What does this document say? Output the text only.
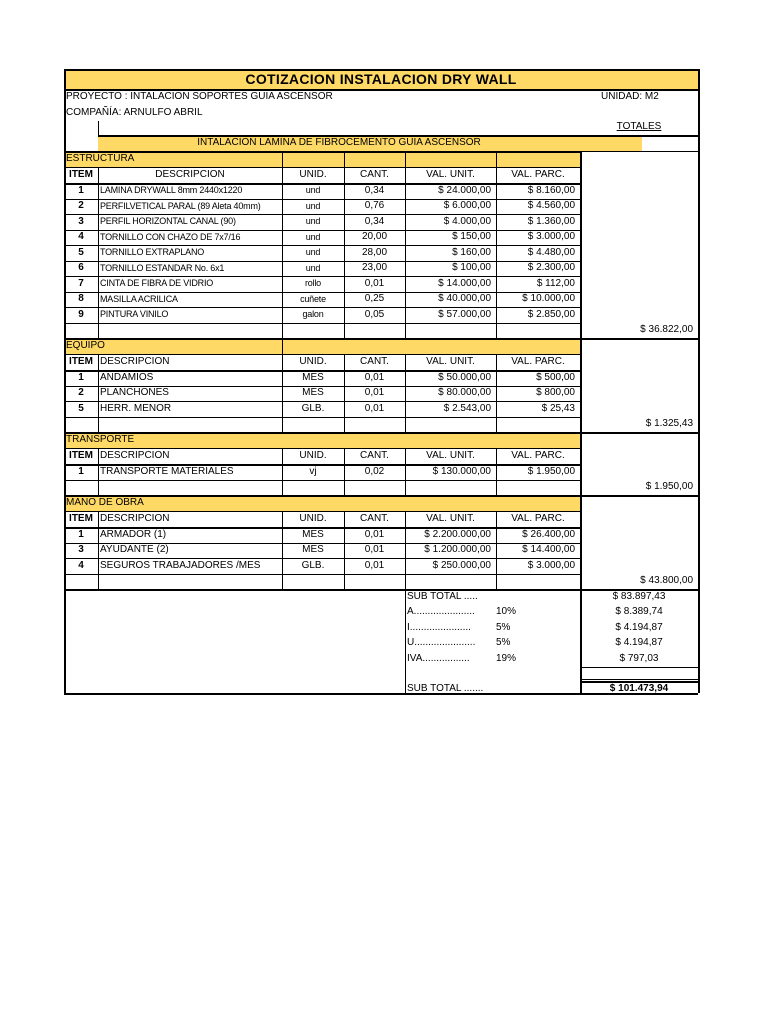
COTIZACION INSTALACION DRY WALL
PROYECTO : INTALACION SOPORTES GUIA ASCENSOR	UNIDAD: M2
COMPAÑÍA: ARNULFO ABRIL
TOTALES
INTALACION LAMINA DE FIBROCEMENTO GUIA ASCENSOR
ESTRUCTURA
ITEM	DESCRIPCION	UNID.	CANT.	VAL. UNIT.	VAL. PARC.
1	LAMINA DRYWALL 8mm 2440x1220	und	0,34	$ 24.000,00	$ 8.160,00
2	PERFILVETICAL PARAL (89 Aleta 40mm)	und	0,76	$ 6.000,00	$ 4.560,00
3	PERFIL HORIZONTAL CANAL (90)	und	0,34	$ 4.000,00	$ 1.360,00
4	TORNILLO CON CHAZO DE 7x7/16	und	20,00	$ 150,00	$ 3.000,00
5	TORNILLO EXTRAPLANO	und	28,00	$ 160,00	$ 4.480,00
6	TORNILLO ESTANDAR No. 6x1	und	23,00	$ 100,00	$ 2.300,00
7	CINTA DE FIBRA DE VIDRIO	rollo	0,01	$ 14.000,00	$ 112,00
8	MASILLA ACRILICA	cuñete	0,25	$ 40.000,00	$ 10.000,00
9	PINTURA VINILO	galon	0,05	$ 57.000,00	$ 2.850,00
$ 36.822,00
EQUIPO
ITEM DESCRIPCION	UNID.	CANT.	VAL. UNIT.	VAL. PARC.
1	ANDAMIOS	MES	0,01	$ 50.000,00	$ 500,00
2	PLANCHONES	MES	0,01	$ 80.000,00	$ 800,00
5	HERR. MENOR	GLB.	0,01	$ 2.543,00	$ 25,43
$ 1.325,43
TRANSPORTE
ITEM DESCRIPCION	UNID.	CANT.	VAL. UNIT.	VAL. PARC.
1	TRANSPORTE MATERIALES	vj	0,02	$ 130.000,00	$ 1.950,00
$ 1.950,00
MANO DE OBRA
ITEM DESCRIPCION	UNID.	CANT.	VAL. UNIT.	VAL. PARC.
1	ARMADOR (1)	MES	0,01	$ 2.200.000,00	$ 26.400,00
3	AYUDANTE (2)	MES	0,01	$ 1.200.000,00	$ 14.400,00
4	SEGUROS TRABAJADORES /MES	GLB.	0,01	$ 250.000,00	$ 3.000,00
$ 43.800,00
SUB TOTAL .....	$ 83.897,43
A......................	10%	$ 8.389,74
I......................	5%	$ 4.194,87
U......................	5%	$ 4.194,87
IVA.................	19%	$ 797,03
SUB TOTAL .......	$ 101.473,94
